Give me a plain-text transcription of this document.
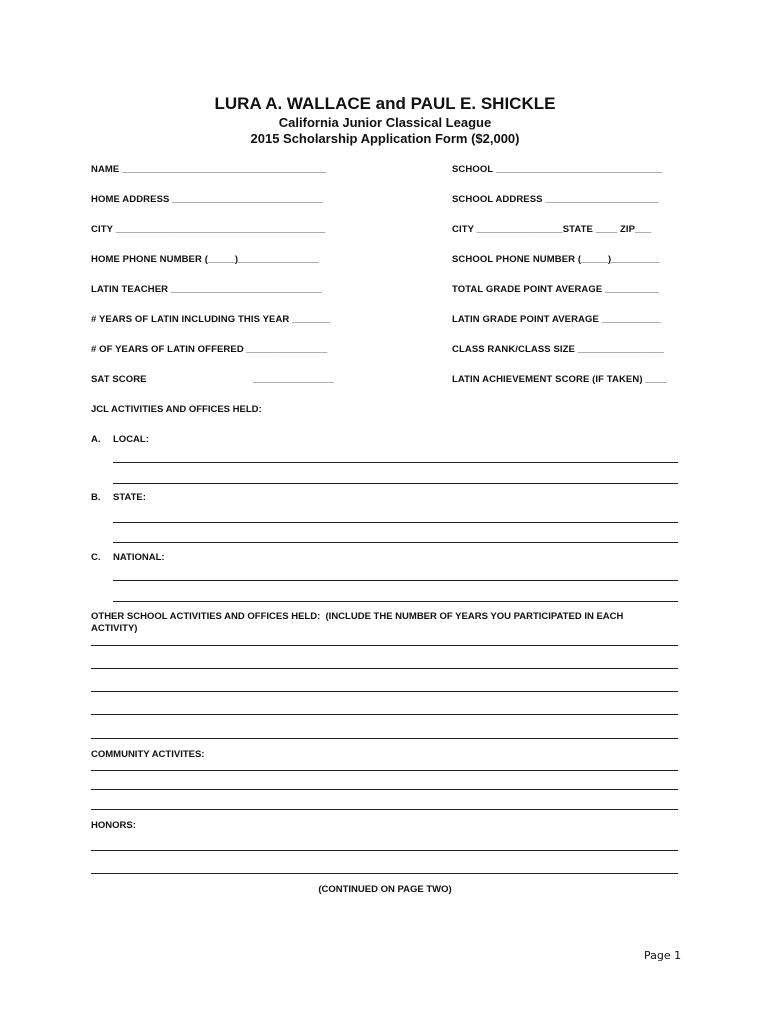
LURA A. WALLACE and PAUL E. SHICKLE
California Junior Classical League
2015 Scholarship Application Form ($2,000)
NAME ______________________________________	SCHOOL _______________________________
HOME ADDRESS ____________________________	SCHOOL ADDRESS _____________________
CITY _______________________________________	CITY ________________STATE ____ ZIP___
HOME PHONE NUMBER (_____)_______________	SCHOOL PHONE NUMBER (_____)_________
LATIN TEACHER ____________________________	TOTAL GRADE POINT AVERAGE __________
# YEARS OF LATIN INCLUDING THIS YEAR _______	LATIN GRADE POINT AVERAGE ___________
# OF YEARS OF LATIN OFFERED _______________	CLASS RANK/CLASS SIZE ________________
SAT SCORE	_______________	LATIN ACHIEVEMENT SCORE (IF TAKEN) ____
JCL ACTIVITIES AND OFFICES HELD:
A. LOCAL:
B. STATE:
C. NATIONAL:
OTHER SCHOOL ACTIVITIES AND OFFICES HELD:  (INCLUDE THE NUMBER OF YEARS YOU PARTICIPATED IN EACH
ACTIVITY)
COMMUNITY ACTIVITES:
HONORS:
(CONTINUED ON PAGE TWO)
Page 1
